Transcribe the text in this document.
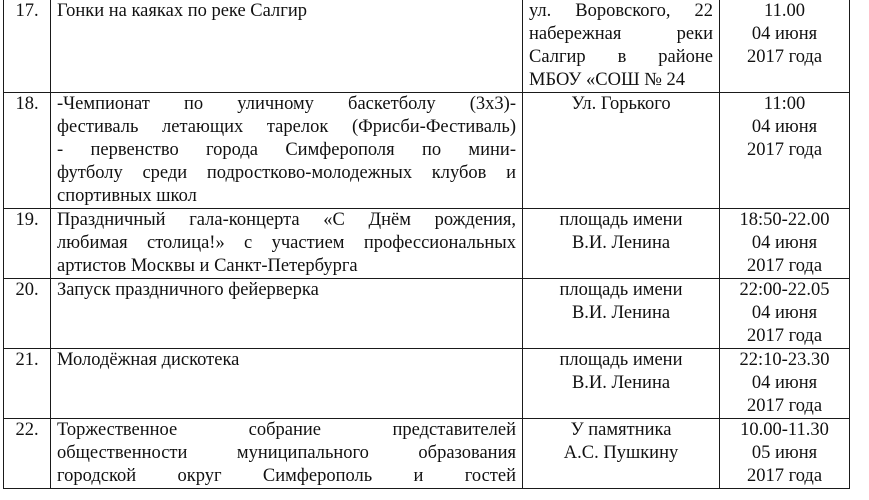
17.	Гонки на каяках по реке Салгир	ул. Воровского, 22
набережная реки
Салгир в районе
МБОУ «СОШ № 24	11.00
04 июня
2017 года

18.	-Чемпионат по уличному баскетболу (3х3)-
фестиваль летающих тарелок (Фрисби-Фестиваль)
- первенство города Симферополя по мини-
футболу среди подростково-молодежных клубов и
спортивных школ	Ул. Горького	11:00
04 июня
2017 года

19.	Праздничный гала-концерта «С Днём рождения,
любимая столица!» с участием профессиональных
артистов Москвы и Санкт-Петербурга	площадь имени
В.И. Ленина	18:50-22.00
04 июня
2017 года

20.	Запуск праздничного фейерверка	площадь имени
В.И. Ленина	22:00-22.05
04 июня
2017 года

21.	Молодёжная дискотека	площадь имени
В.И. Ленина	22:10-23.30
04 июня
2017 года

22.	Торжественное собрание представителей
общественности муниципального образования
городской округ Симферополь и гостей	У памятника
А.С. Пушкину	10.00-11.30
05 июня
2017 года
